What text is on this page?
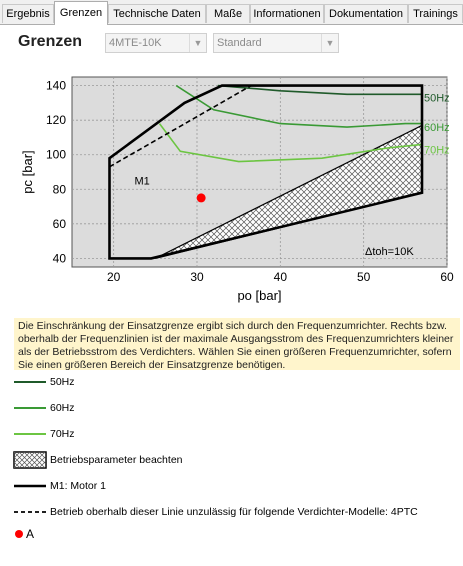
Ergebnis Grenzen	Technische Daten	Maße	Informationen Dokumentation Trainings
Grenzen	4MTE-10K	▼	Standard	▼
20	30	40	50	60
40
60
80
100
120
140
po [bar]
pc [bar]
50Hz
60Hz
70Hz
M1
Δtoh=10K
Die Einschränkung der Einsatzgrenze ergibt sich durch den Frequenzumrichter. Rechts bzw. oberhalb der Frequenzlinien ist der maximale Ausgangsstrom des Frequenzumrichters kleiner als der Betriebsstrom des Verdichters. Wählen Sie einen größeren Frequenzumrichter, sofern Sie einen größeren Bereich der Einsatzgrenze benötigen.
50Hz
60Hz
70Hz
Betriebsparameter beachten
M1: Motor 1
Betrieb oberhalb dieser Linie unzulässig für folgende Verdichter-Modelle: 4PTC
A
